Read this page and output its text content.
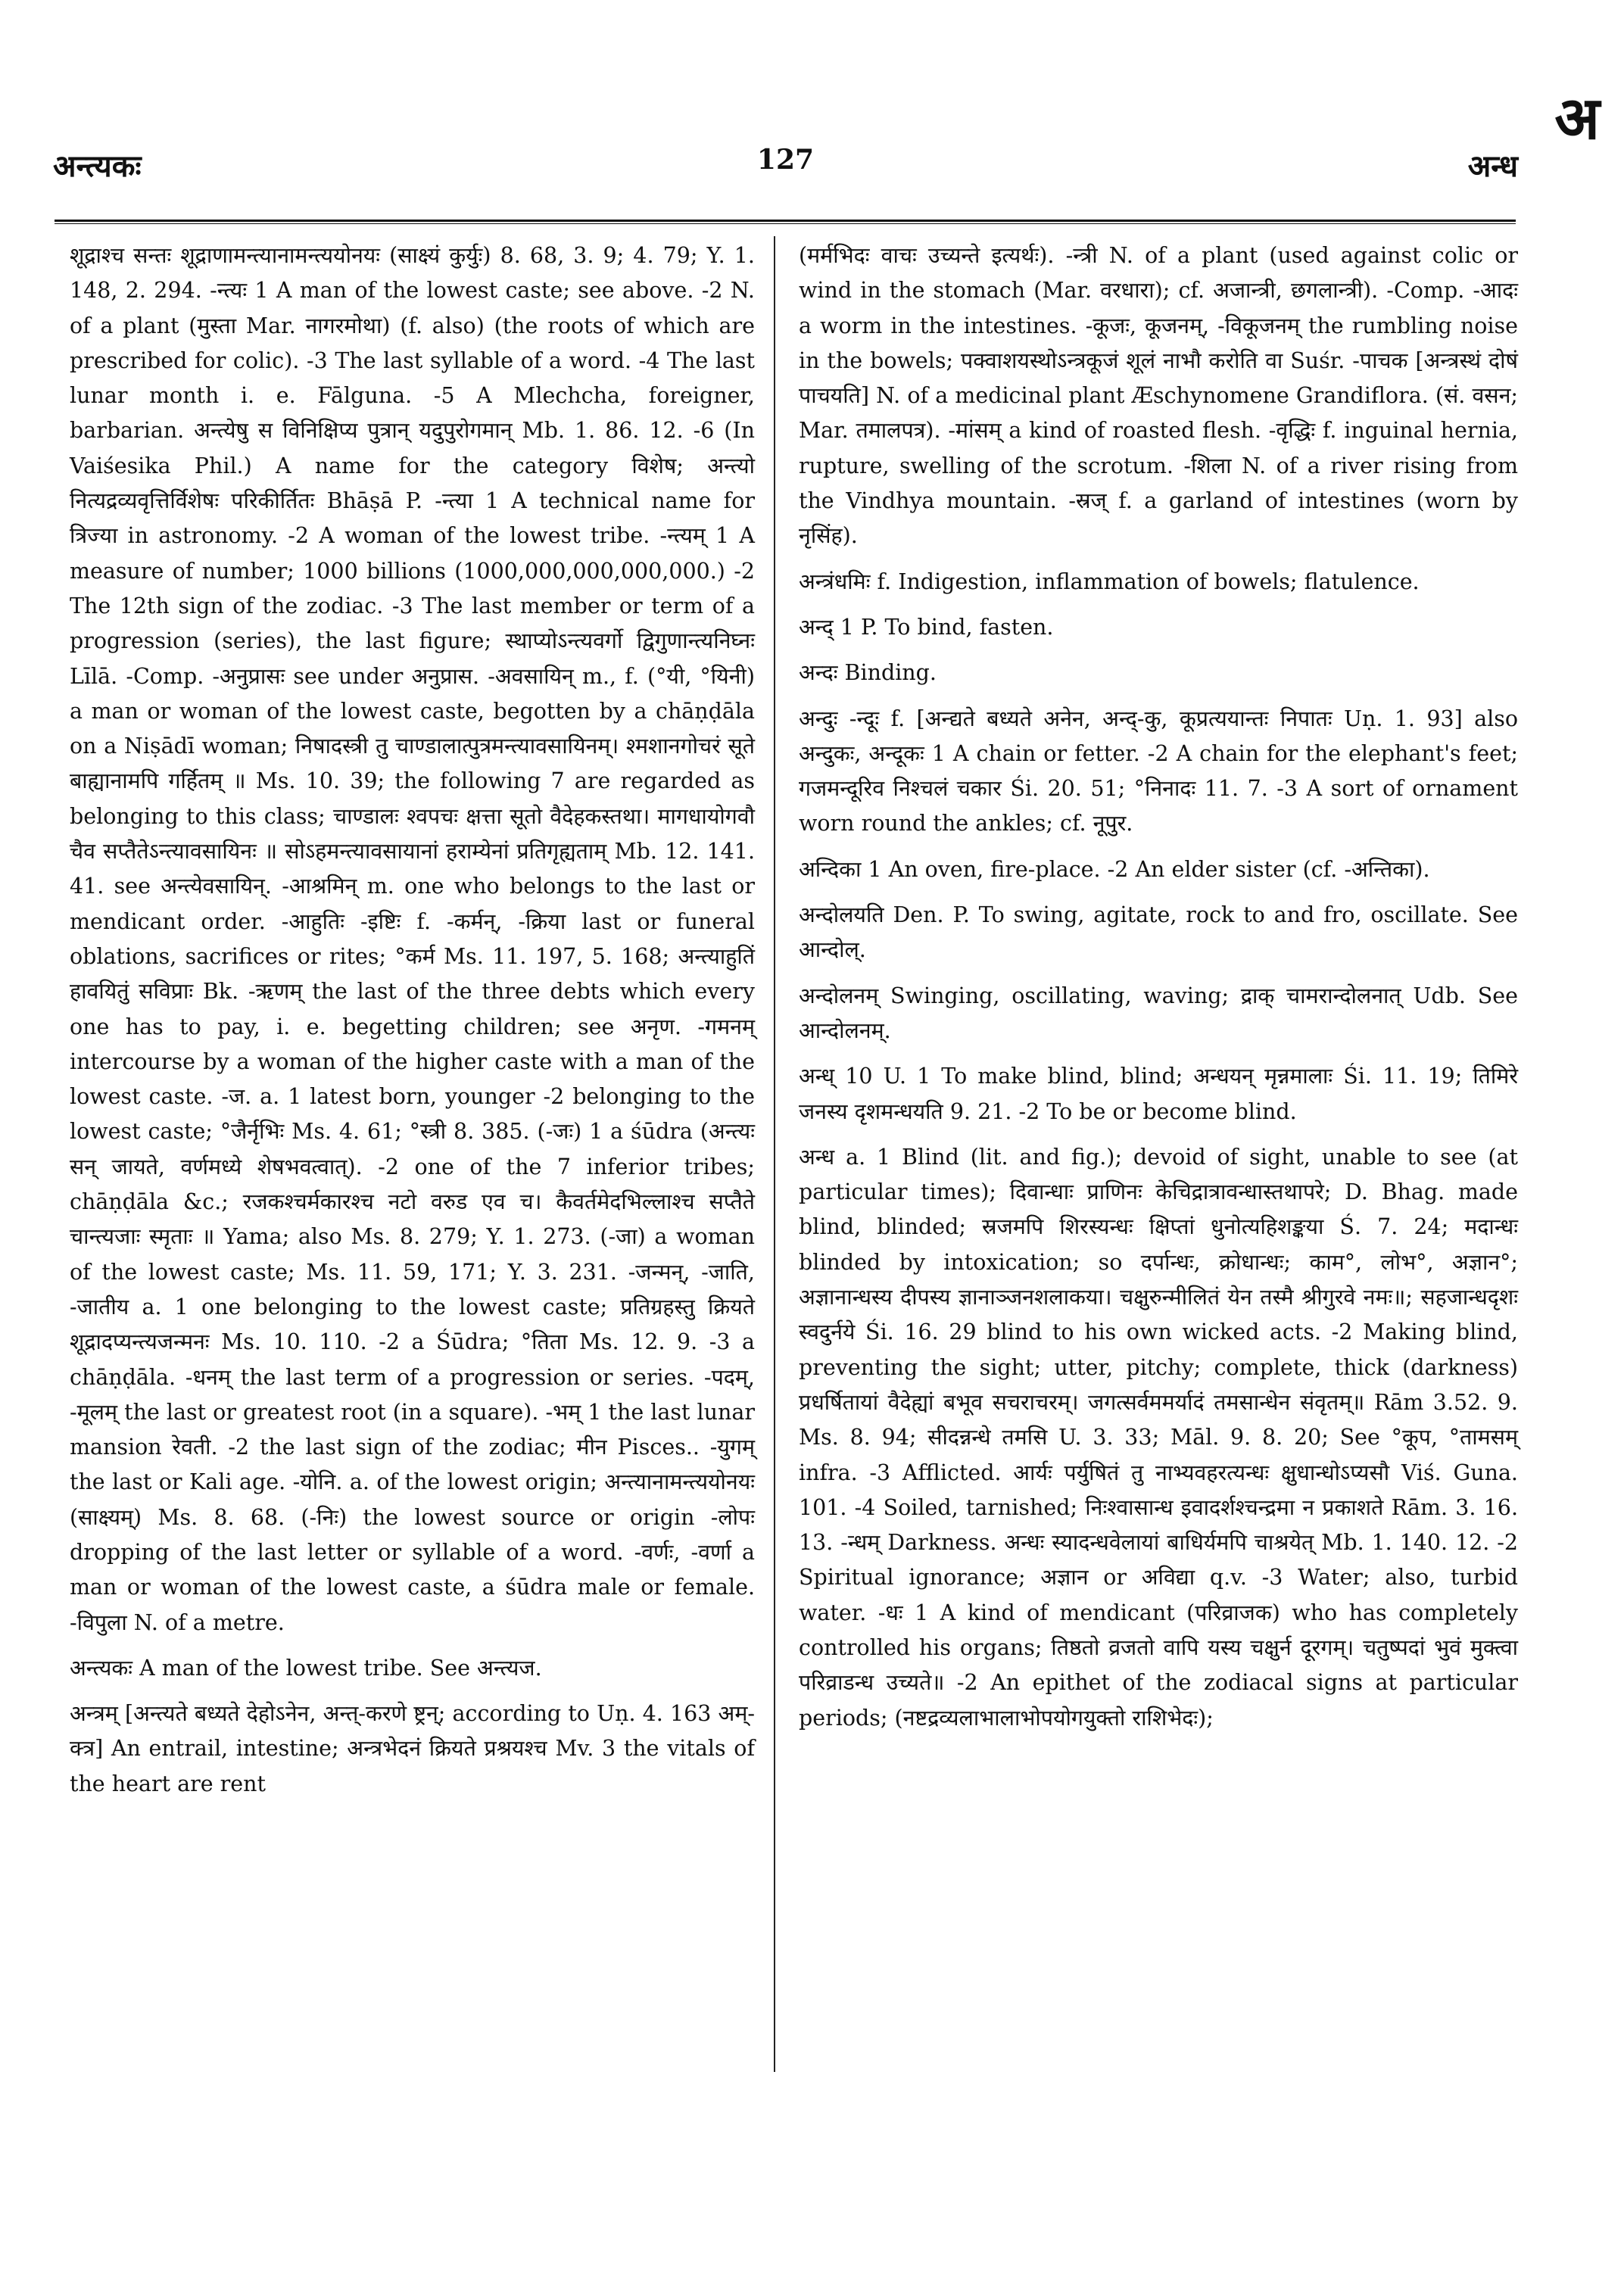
अन्त्यकः	127	अन्ध
अ

शूद्राश्च सन्तः शूद्राणामन्त्यानामन्त्ययोनयः (साक्ष्यं कुर्युः) 8. 68, 3. 9; 4. 79; Y. 1. 148, 2. 294. -न्त्यः 1 A man of the lowest caste; see above. -2 N. of a plant (मुस्ता Mar. नागरमोथा) (f. also) (the roots of which are prescribed for colic). -3 The last syllable of a word. -4 The last lunar month i. e. Fālguna. -5 A Mlechcha, foreigner, barbarian. अन्त्येषु स विनिक्षिप्य पुत्रान् यदुपुरोगमान् Mb. 1. 86. 12. -6 (In Vaiśesika Phil.) A name for the category विशेष; अन्त्यो नित्यद्रव्यवृत्तिर्विशेषः परिकीर्तितः Bhāṣā P. -न्त्या 1 A technical name for त्रिज्या in astronomy. -2 A woman of the lowest tribe. -न्त्यम् 1 A measure of number; 1000 billions (1000,000,000,000,000.) -2 The 12th sign of the zodiac. -3 The last member or term of a progression (series), the last figure; स्थाप्योऽन्त्यवर्गो द्विगुणान्त्यनिघ्नः Līlā. -Comp. -अनुप्रासः see under अनुप्रास. -अवसायिन् m., f. (°यी, °यिनी) a man or woman of the lowest caste, begotten by a chāṇḍāla on a Niṣādī woman; निषादस्त्री तु चाण्डालात्पुत्रमन्त्यावसायिनम्। श्मशानगोचरं सूते बाह्यानामपि गर्हितम् ॥ Ms. 10. 39; the following 7 are regarded as belonging to this class; चाण्डालः श्वपचः क्षत्ता सूतो वैदेहकस्तथा। मागधायोगवौ चैव सप्तैतेऽन्त्यावसायिनः ॥ सोऽहमन्त्यावसायानां हराम्येनां प्रतिगृह्यताम् Mb. 12. 141. 41. see अन्त्येवसायिन्. -आश्रमिन् m. one who belongs to the last or mendicant order. -आहुतिः -इष्टिः f. -कर्मन्, -क्रिया last or funeral oblations, sacrifices or rites; °कर्म Ms. 11. 197, 5. 168; अन्त्याहुतिं हावयितुं सविप्राः Bk. -ऋणम् the last of the three debts which every one has to pay, i. e. begetting children; see अनृण. -गमनम् intercourse by a woman of the higher caste with a man of the lowest caste. -ज. a. 1 latest born, younger -2 belonging to the lowest caste; °जैर्नृभिः Ms. 4. 61; °स्त्री 8. 385. (-जः) 1 a śūdra (अन्त्यः सन् जायते, वर्णमध्ये शेषभवत्वात्). -2 one of the 7 inferior tribes; chāṇḍāla &c.; रजकश्चर्मकारश्च नटो वरुड एव च। कैवर्तमेदभिल्लाश्च सप्तैते चान्त्यजाः स्मृताः ॥ Yama; also Ms. 8. 279; Y. 1. 273. (-जा) a woman of the lowest caste; Ms. 11. 59, 171; Y. 3. 231. -जन्मन्, -जाति, -जातीय a. 1 one belonging to the lowest caste; प्रतिग्रहस्तु क्रियते शूद्रादप्यन्त्यजन्मनः Ms. 10. 110. -2 a Śūdra; °तिता Ms. 12. 9. -3 a chāṇḍāla. -धनम् the last term of a progression or series. -पदम्, -मूलम् the last or greatest root (in a square). -भम् 1 the last lunar mansion रेवती. -2 the last sign of the zodiac; मीन Pisces.. -युगम् the last or Kali age. -योनि. a. of the lowest origin; अन्त्यानामन्त्ययोनयः (साक्ष्यम्) Ms. 8. 68. (-निः) the lowest source or origin -लोपः dropping of the last letter or syllable of a word. -वर्णः, -वर्णा a man or woman of the lowest caste, a śūdra male or female. -विपुला N. of a metre.

अन्त्यकः A man of the lowest tribe. See अन्त्यज.

अन्त्रम् [अन्त्यते बध्यते देहोऽनेन, अन्त्-करणे ष्ट्रन्; according to Uṇ. 4. 163 अम्-क्त्र] An entrail, intestine; अन्त्रभेदनं क्रियते प्रश्रयश्च Mv. 3 the vitals of the heart are rent

(मर्मभिदः वाचः उच्यन्ते इत्यर्थः). -न्त्री N. of a plant (used against colic or wind in the stomach (Mar. वरधारा); cf. अजान्त्री, छगलान्त्री). -Comp. -आदः a worm in the intestines. -कूजः, कूजनम्, -विकूजनम् the rumbling noise in the bowels; पक्वाशयस्थोऽन्त्रकूजं शूलं नाभौ करोति वा Suśr. -पाचक [अन्त्रस्थं दोषं पाचयति] N. of a medicinal plant Æschynomene Grandiflora. (सं. वसन; Mar. तमालपत्र). -मांसम् a kind of roasted flesh. -वृद्धिः f. inguinal hernia, rupture, swelling of the scrotum. -शिला N. of a river rising from the Vindhya mountain. -स्रज् f. a garland of intestines (worn by नृसिंह).

अन्त्रंधमिः f. Indigestion, inflammation of bowels; flatulence.

अन्द् 1 P. To bind, fasten.

अन्दः Binding.

अन्दुः -न्दूः f. [अन्द्यते बध्यते अनेन, अन्द्-कु, कूप्रत्ययान्तः निपातः Uṇ. 1. 93] also अन्दुकः, अन्दूकः 1 A chain or fetter. -2 A chain for the elephant's feet; गजमन्दूरिव निश्चलं चकार Śi. 20. 51; °निनादः 11. 7. -3 A sort of ornament worn round the ankles; cf. नूपुर.

अन्दिका 1 An oven, fire-place. -2 An elder sister (cf. -अन्तिका).

अन्दोलयति Den. P. To swing, agitate, rock to and fro, oscillate. See आन्दोल्.

अन्दोलनम् Swinging, oscillating, waving; द्राक् चामरान्दोलनात् Udb. See आन्दोलनम्.

अन्ध् 10 U. 1 To make blind, blind; अन्धयन् मृन्नमालाः Śi. 11. 19; तिमिरे जनस्य दृशमन्धयति 9. 21. -2 To be or become blind.

अन्ध a. 1 Blind (lit. and fig.); devoid of sight, unable to see (at particular times); दिवान्धाः प्राणिनः केचिद्रात्रावन्धास्तथापरे; D. Bhag. made blind, blinded; स्रजमपि शिरस्यन्धः क्षिप्तां धुनोत्यहिशङ्कया Ś. 7. 24; मदान्धः blinded by intoxication; so दर्पान्धः, क्रोधान्धः; काम°, लोभ°, अज्ञान°; अज्ञानान्धस्य दीपस्य ज्ञानाञ्जनशलाकया। चक्षुरुन्मीलितं येन तस्मै श्रीगुरवे नमः॥; सहजान्धदृशः स्वदुर्नये Śi. 16. 29 blind to his own wicked acts. -2 Making blind, preventing the sight; utter, pitchy; complete, thick (darkness) प्रधर्षितायां वैदेह्यां बभूव सचराचरम्। जगत्सर्वममर्यादं तमसान्धेन संवृतम्॥ Rām 3.52. 9. Ms. 8. 94; सीदन्नन्धे तमसि U. 3. 33; Māl. 9. 8. 20; See °कूप, °तामसम् infra. -3 Afflicted. आर्यः पर्युषितं तु नाभ्यवहरत्यन्धः क्षुधान्धोऽप्यसौ Viś. Guna. 101. -4 Soiled, tarnished; निःश्वासान्ध इवादर्शश्चन्द्रमा न प्रकाशते Rām. 3. 16. 13. -न्धम् Darkness. अन्धः स्यादन्धवेलायां बाधिर्यमपि चाश्रयेत् Mb. 1. 140. 12. -2 Spiritual ignorance; अज्ञान or अविद्या q.v. -3 Water; also, turbid water. -धः 1 A kind of mendicant (परिव्राजक) who has completely controlled his organs; तिष्ठतो व्रजतो वापि यस्य चक्षुर्न दूरगम्। चतुष्पदां भुवं मुक्त्वा परिव्राडन्ध उच्यते॥ -2 An epithet of the zodiacal signs at particular periods; (नष्टद्रव्यलाभालाभोपयोगयुक्तो राशिभेदः);
